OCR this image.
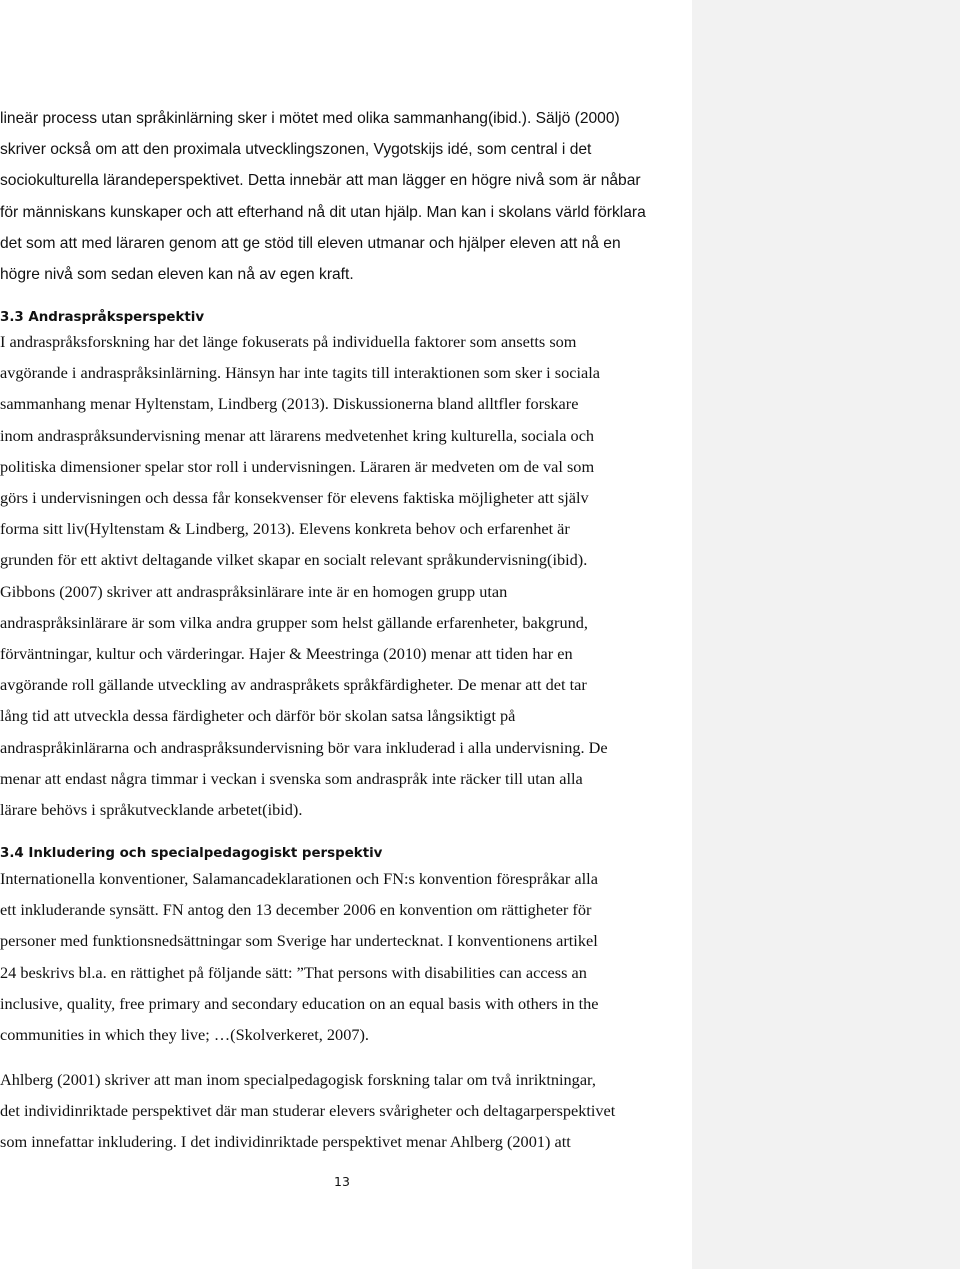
lineär process utan språkinlärning sker i mötet med olika sammanhang(ibid.). Säljö (2000)
skriver också om att den proximala utvecklingszonen, Vygotskijs idé, som central i det
sociokulturella lärandeperspektivet. Detta innebär att man lägger en högre nivå som är nåbar
för människans kunskaper och att efterhand nå dit utan hjälp. Man kan i skolans värld förklara
det som att med läraren genom att ge stöd till eleven utmanar och hjälper eleven att nå en
högre nivå som sedan eleven kan nå av egen kraft.

3.3 Andraspråksperspektiv

I andraspråksforskning har det länge fokuserats på individuella faktorer som ansetts som
avgörande i andraspråksinlärning. Hänsyn har inte tagits till interaktionen som sker i sociala
sammanhang menar Hyltenstam, Lindberg (2013). Diskussionerna bland alltfler forskare
inom andraspråksundervisning menar att lärarens medvetenhet kring kulturella, sociala och
politiska dimensioner spelar stor roll i undervisningen. Läraren är medveten om de val som
görs i undervisningen och dessa får konsekvenser för elevens faktiska möjligheter att själv
forma sitt liv(Hyltenstam & Lindberg, 2013). Elevens konkreta behov och erfarenhet är
grunden för ett aktivt deltagande vilket skapar en socialt relevant språkundervisning(ibid).
Gibbons (2007) skriver att andraspråksinlärare inte är en homogen grupp utan
andraspråksinlärare är som vilka andra grupper som helst gällande erfarenheter, bakgrund,
förväntningar, kultur och värderingar. Hajer & Meestringa (2010) menar att tiden har en
avgörande roll gällande utveckling av andraspråkets språkfärdigheter. De menar att det tar
lång tid att utveckla dessa färdigheter och därför bör skolan satsa långsiktigt på
andraspråkinlärarna och andraspråksundervisning bör vara inkluderad i alla undervisning. De
menar att endast några timmar i veckan i svenska som andraspråk inte räcker till utan alla
lärare behövs i språkutvecklande arbetet(ibid).

3.4 Inkludering och specialpedagogiskt perspektiv

Internationella konventioner, Salamancadeklarationen och FN:s konvention förespråkar alla
ett inkluderande synsätt. FN antog den 13 december 2006 en konvention om rättigheter för
personer med funktionsnedsättningar som Sverige har undertecknat. I konventionens artikel
24 beskrivs bl.a. en rättighet på följande sätt: ”That persons with disabilities can access an
inclusive, quality, free primary and secondary education on an equal basis with others in the
communities in which they live; …(Skolverkeret, 2007).

Ahlberg (2001) skriver att man inom specialpedagogisk forskning talar om två inriktningar,
det individinriktade perspektivet där man studerar elevers svårigheter och deltagarperspektivet
som innefattar inkludering. I det individinriktade perspektivet menar Ahlberg (2001) att

13
